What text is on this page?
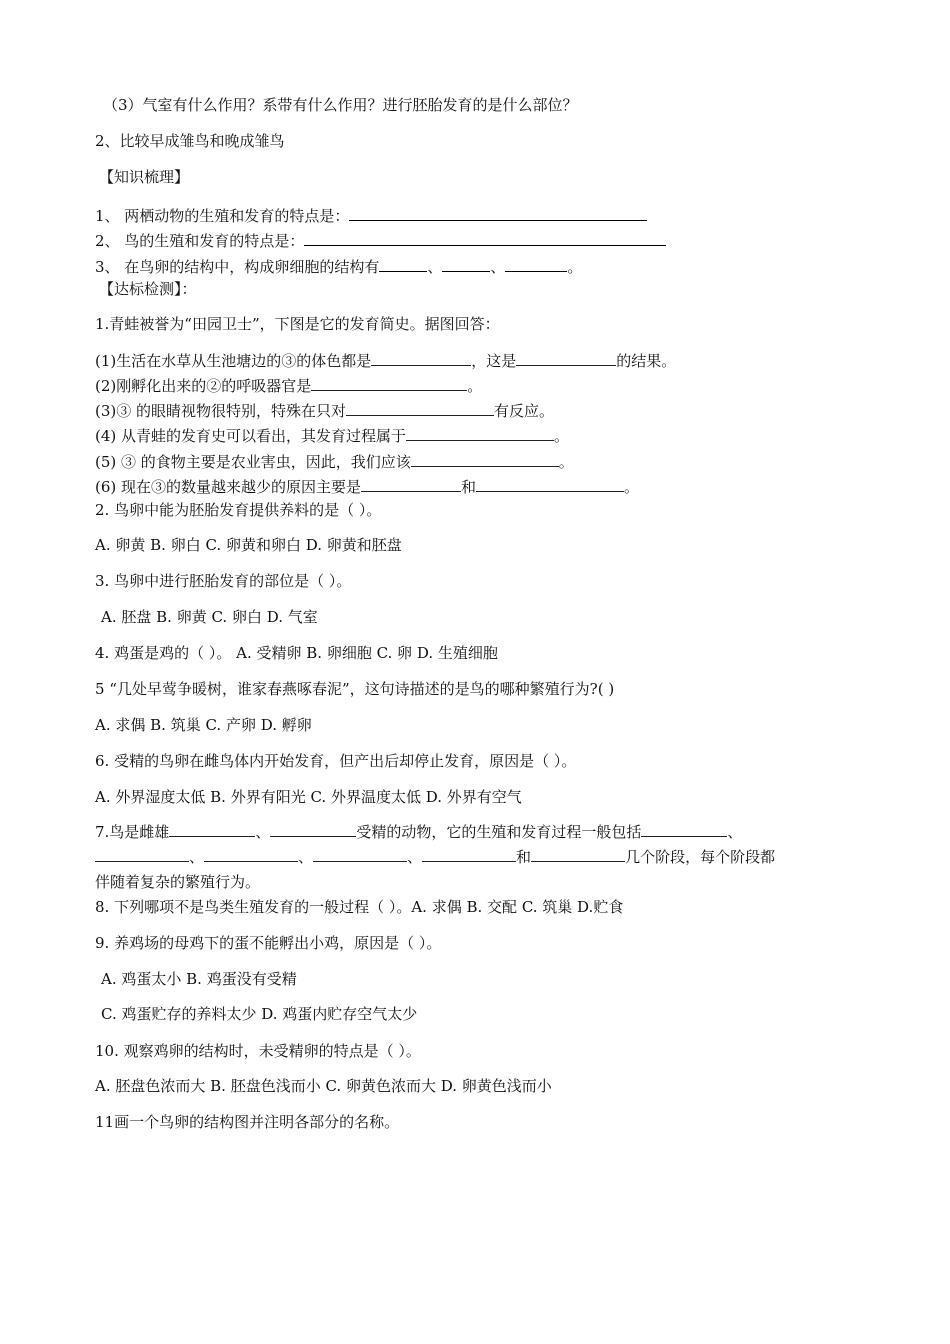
（3）气室有什么作用？系带有什么作用？进行胚胎发育的是什么部位？
2、比较早成雏鸟和晚成雏鸟
【知识梳理】
1、 两栖动物的生殖和发育的特点是：
2、 鸟的生殖和发育的特点是：
3、 在鸟卵的结构中，构成卵细胞的结构有	、	、	。
【达标检测】：
1.青蛙被誉为“田园卫士”，下图是它的发育简史。据图回答：
(1)生活在水草从生池塘边的③的体色都是	，这是	的结果。
(2)刚孵化出来的②的呼吸器官是	。
(3)③ 的眼睛视物很特别，特殊在只对	有反应。
(4) 从青蛙的发育史可以看出，其发育过程属于	。
(5) ③ 的食物主要是农业害虫，因此，我们应该	。
(6) 现在③的数量越来越少的原因主要是	和	。
2. 鸟卵中能为胚胎发育提供养料的是（ ）。
A. 卵黄 B. 卵白 C. 卵黄和卵白 D. 卵黄和胚盘
3. 鸟卵中进行胚胎发育的部位是（ ）。
A. 胚盘 B. 卵黄 C. 卵白 D. 气室
4. 鸡蛋是鸡的（ ）。 A. 受精卵 B. 卵细胞 C. 卵 D. 生殖细胞
5 “几处早莺争暖树，谁家春燕啄春泥”，这句诗描述的是鸟的哪种繁殖行为?( )
A. 求偶 B. 筑巢 C. 产卵 D. 孵卵
6. 受精的鸟卵在雌鸟体内开始发育，但产出后却停止发育，原因是（ ）。
A. 外界湿度太低 B. 外界有阳光 C. 外界温度太低 D. 外界有空气
7.鸟是雌雄	、	受精的动物，它的生殖和发育过程一般包括	、、	、	、	和	几个阶段，每个阶段都
伴随着复杂的繁殖行为。
8. 下列哪项不是鸟类生殖发育的一般过程（ ）。A. 求偶 B. 交配 C. 筑巢 D.贮食
9. 养鸡场的母鸡下的蛋不能孵出小鸡，原因是（ ）。
A. 鸡蛋太小 B. 鸡蛋没有受精
C. 鸡蛋贮存的养料太少 D. 鸡蛋内贮存空气太少
10. 观察鸡卵的结构时，未受精卵的特点是（ ）。
A. 胚盘色浓而大 B. 胚盘色浅而小 C. 卵黄色浓而大 D. 卵黄色浅而小
11画一个鸟卵的结构图并注明各部分的名称。
